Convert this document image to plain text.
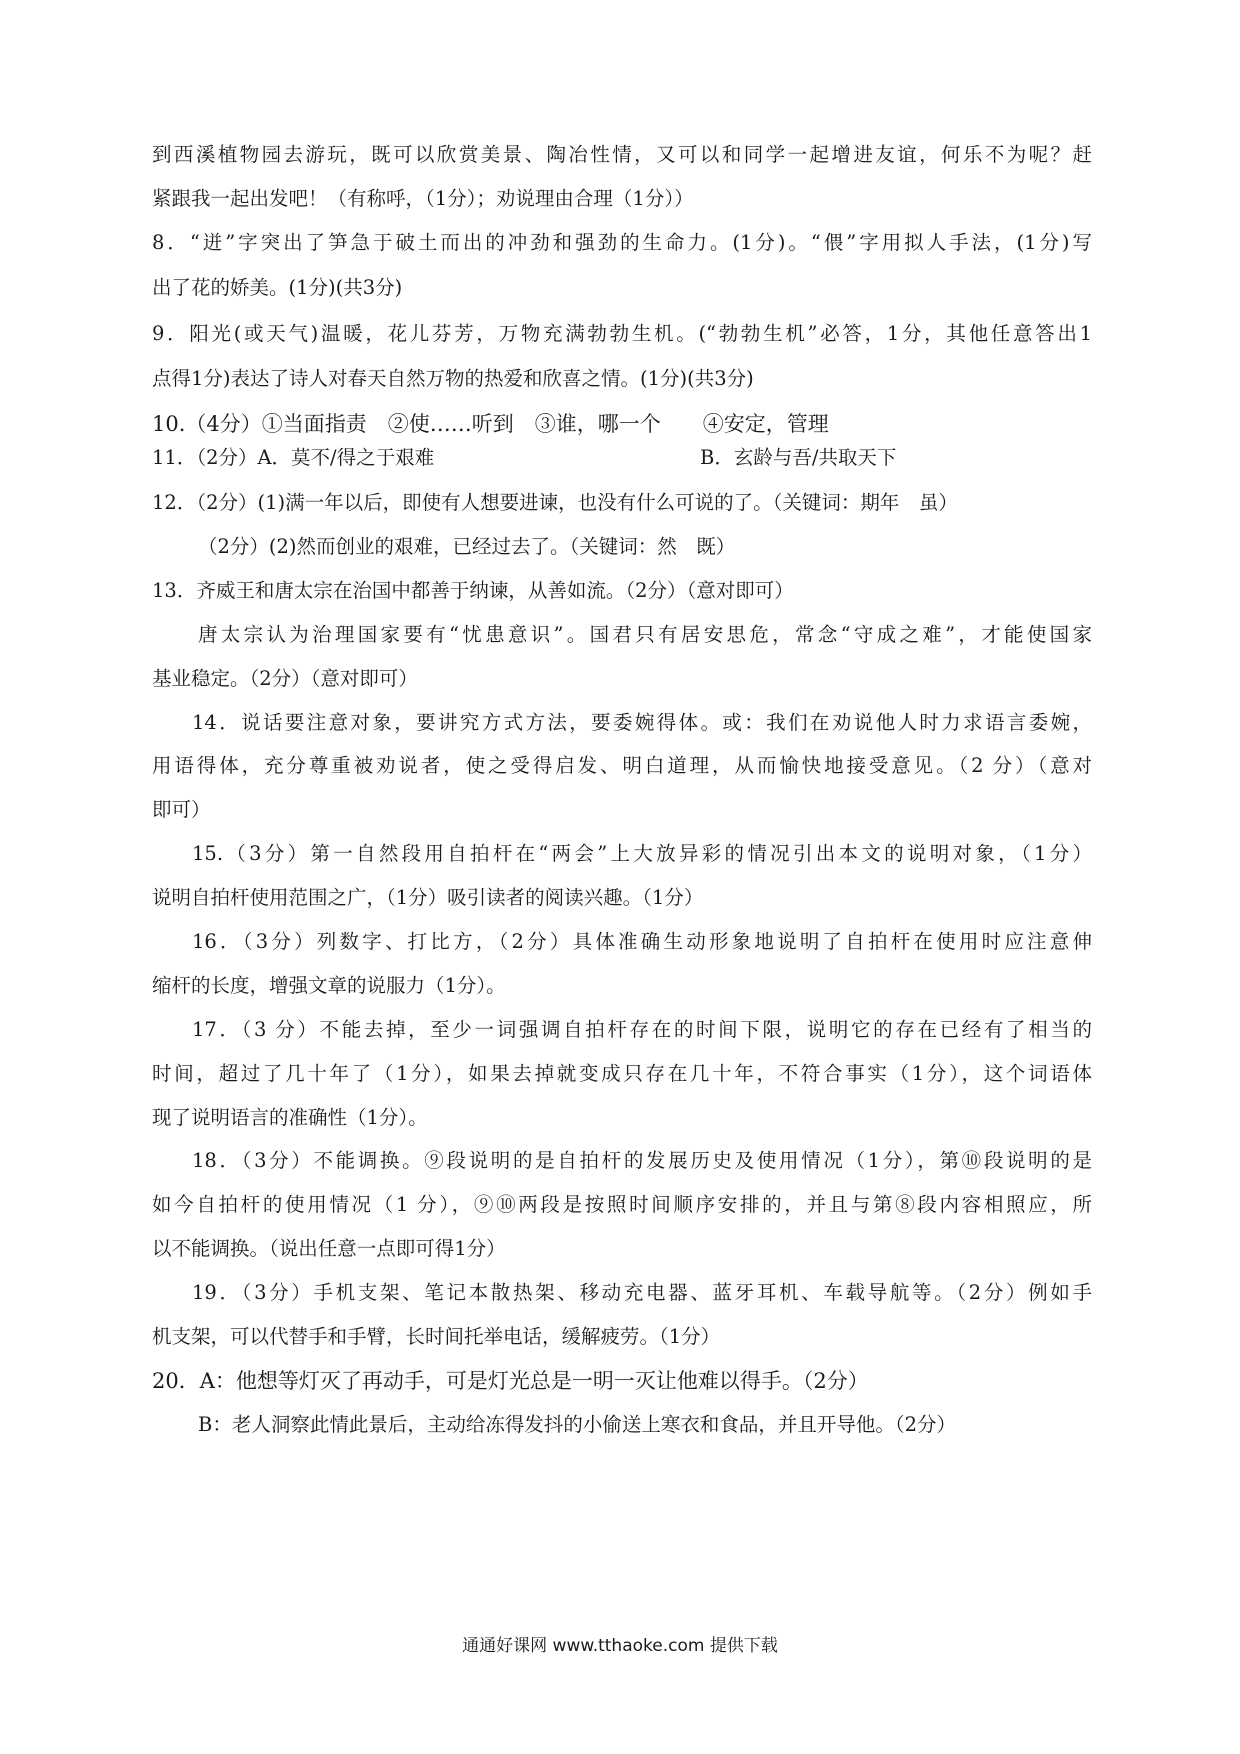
到西溪植物园去游玩，既可以欣赏美景、陶冶性情，又可以和同学一起增进友谊，何乐不为呢？赶
紧跟我一起出发吧！（有称呼，（1分）；劝说理由合理（1分））
8．“迸”字突出了笋急于破土而出的冲劲和强劲的生命力。(1分)。“偎”字用拟人手法，(1分)写
出了花的娇美。(1分)(共3分)
9．阳光(或天气)温暖，花儿芬芳，万物充满勃勃生机。(“勃勃生机”必答，1分，其他任意答出1
点得1分)表达了诗人对春天自然万物的热爱和欣喜之情。(1分)(共3分)
10.（4分）①当面指责　②使……听到　③谁，哪一个　　④安定，管理
11．（2分）A．莫不/得之于艰难	B．玄龄与吾/共取天下
12．（2分）(1)满一年以后，即使有人想要进谏，也没有什么可说的了。（关键词：期年　虽）
（2分）(2)然而创业的艰难，已经过去了。（关键词：然　既）
13．齐威王和唐太宗在治国中都善于纳谏，从善如流。（2分）（意对即可）
唐太宗认为治理国家要有“忧患意识”。国君只有居安思危，常念“守成之难”，才能使国家
基业稳定。（2分）（意对即可）
14．说话要注意对象，要讲究方式方法，要委婉得体。或：我们在劝说他人时力求语言委婉，
用语得体，充分尊重被劝说者，使之受得启发、明白道理，从而愉快地接受意见。（2 分）（意对
即可）
15.（3分）第一自然段用自拍杆在“两会”上大放异彩的情况引出本文的说明对象，（1分）
说明自拍杆使用范围之广，（1分）吸引读者的阅读兴趣。（1分）
16．（3分）列数字、打比方，（2分）具体准确生动形象地说明了自拍杆在使用时应注意伸
缩杆的长度，增强文章的说服力（1分）。
17．（3 分）不能去掉，至少一词强调自拍杆存在的时间下限，说明它的存在已经有了相当的
时间，超过了几十年了（1分），如果去掉就变成只存在几十年，不符合事实（1分），这个词语体
现了说明语言的准确性（1分）。
18．（3分）不能调换。⑨段说明的是自拍杆的发展历史及使用情况（1分），第⑩段说明的是
如今自拍杆的使用情况（1 分），⑨⑩两段是按照时间顺序安排的，并且与第⑧段内容相照应，所
以不能调换。（说出任意一点即可得1分）
19．（3分）手机支架、笔记本散热架、移动充电器、蓝牙耳机、车载导航等。（2分）例如手
机支架，可以代替手和手臂，长时间托举电话，缓解疲劳。（1分）
20．A：他想等灯灭了再动手，可是灯光总是一明一灭让他难以得手。（2分）
B：老人洞察此情此景后，主动给冻得发抖的小偷送上寒衣和食品，并且开导他。（2分）
通通好课网 www.tthaoke.com 提供下载
